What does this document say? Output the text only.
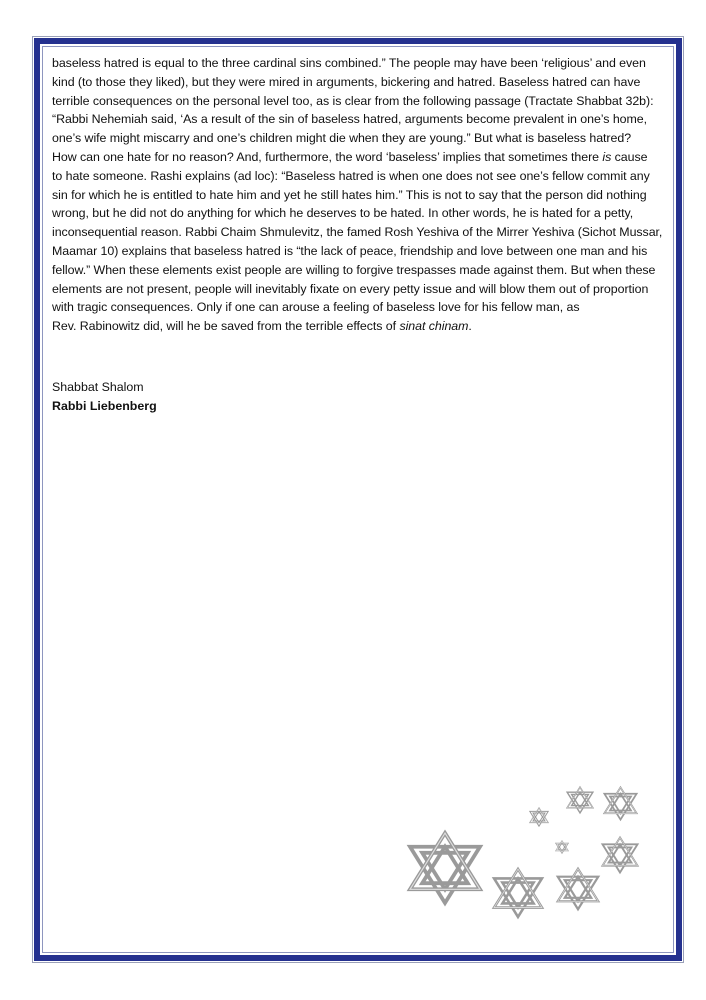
baseless hatred is equal to the three cardinal sins combined.” The people may have been ‘religious’ and even
kind (to those they liked), but they were mired in arguments, bickering and hatred. Baseless hatred can have
terrible consequences on the personal level too, as is clear from the following passage (Tractate Shabbat 32b):
“Rabbi Nehemiah said, ‘As a result of the sin of baseless hatred, arguments become prevalent in one’s home,
one’s wife might miscarry and one’s children might die when they are young.” But what is baseless hatred?
How can one hate for no reason? And, furthermore, the word ‘baseless’ implies that sometimes there is cause
to hate someone. Rashi explains (ad loc): “Baseless hatred is when one does not see one’s fellow commit any
sin for which he is entitled to hate him and yet he still hates him.” This is not to say that the person did nothing
wrong, but he did not do anything for which he deserves to be hated. In other words, he is hated for a petty,
inconsequential reason. Rabbi Chaim Shmulevitz, the famed Rosh Yeshiva of the Mirrer Yeshiva (Sichot Mussar,
Maamar 10) explains that baseless hatred is “the lack of peace, friendship and love between one man and his
fellow.” When these elements exist people are willing to forgive trespasses made against them. But when these
elements are not present, people will inevitably fixate on every petty issue and will blow them out of proportion
with tragic consequences. Only if one can arouse a feeling of baseless love for his fellow man, as
Rev. Rabinowitz did, will he be saved from the terrible effects of sinat chinam.
Shabbat Shalom
Rabbi Liebenberg
